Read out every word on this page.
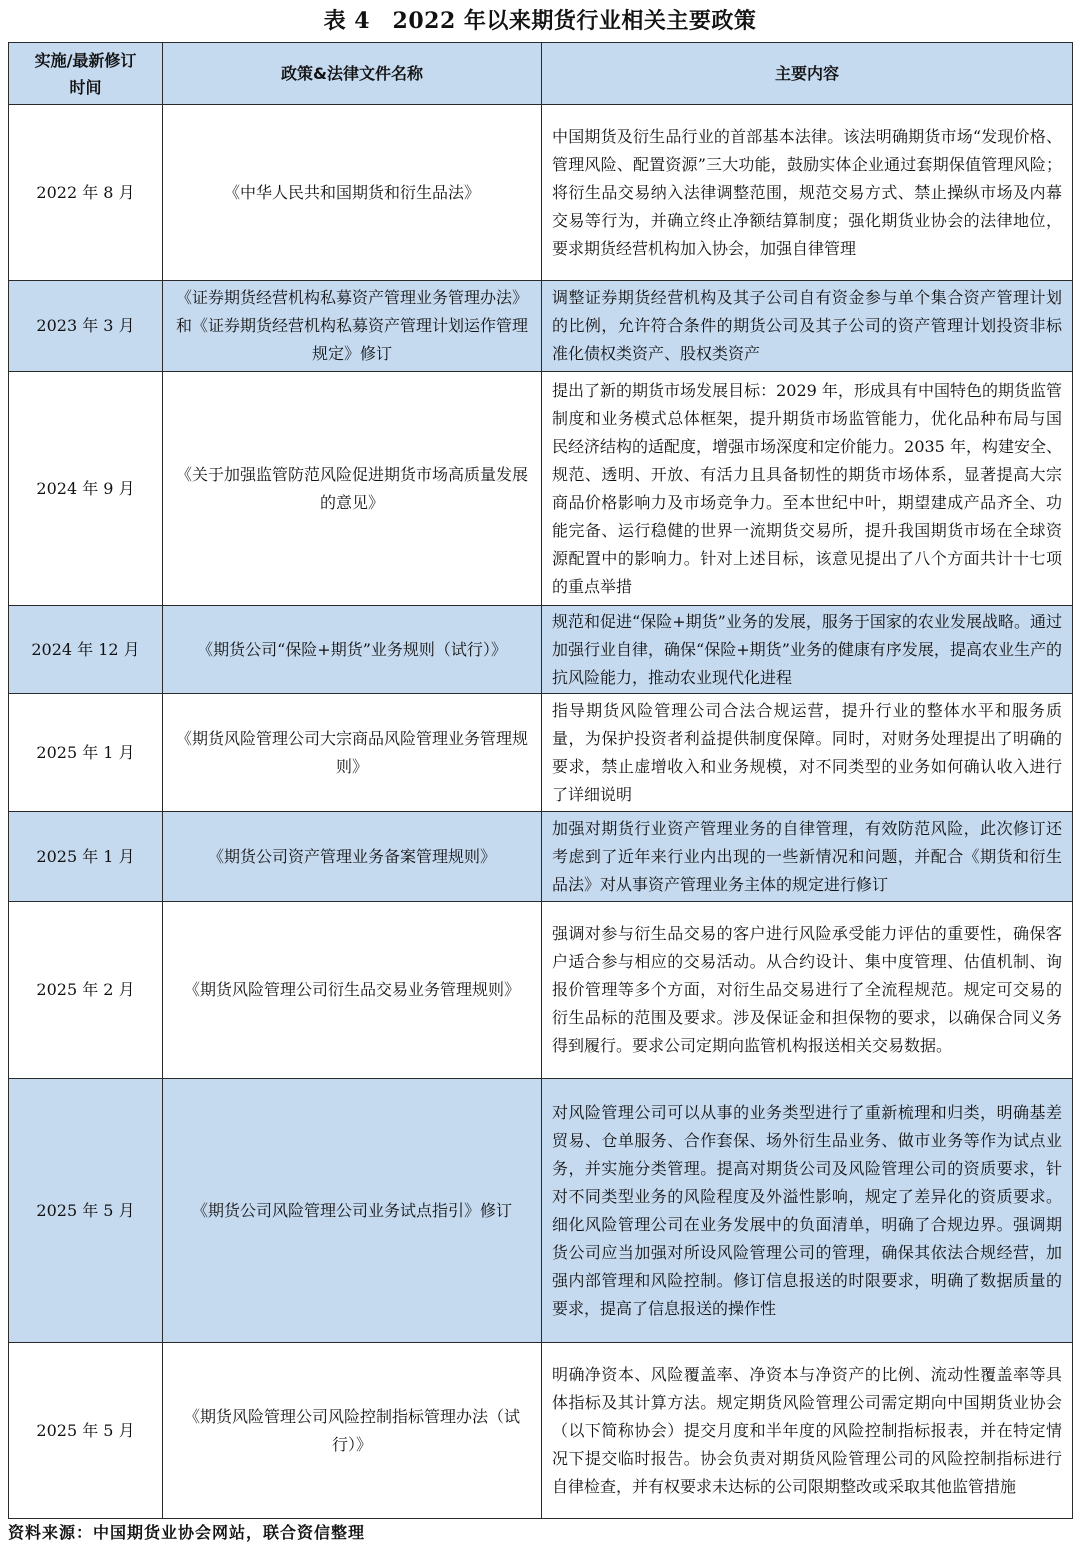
表 4　2022 年以来期货行业相关主要政策
实施/最新修订时间	政策&法律文件名称	主要内容
2022 年 8 月	《中华人民共和国期货和衍生品法》	中国期货及衍生品行业的首部基本法律。该法明确期货市场“发现价格、管理风险、配置资源”三大功能，鼓励实体企业通过套期保值管理风险；将衍生品交易纳入法律调整范围，规范交易方式、禁止操纵市场及内幕交易等行为，并确立终止净额结算制度；强化期货业协会的法律地位，要求期货经营机构加入协会，加强自律管理
2023 年 3 月	《证券期货经营机构私募资产管理业务管理办法》和《证券期货经营机构私募资产管理计划运作管理规定》修订	调整证券期货经营机构及其子公司自有资金参与单个集合资产管理计划的比例，允许符合条件的期货公司及其子公司的资产管理计划投资非标准化债权类资产、股权类资产
2024 年 9 月	《关于加强监管防范风险促进期货市场高质量发展的意见》	提出了新的期货市场发展目标：2029 年，形成具有中国特色的期货监管制度和业务模式总体框架，提升期货市场监管能力，优化品种布局与国民经济结构的适配度，增强市场深度和定价能力。2035 年，构建安全、规范、透明、开放、有活力且具备韧性的期货市场体系，显著提高大宗商品价格影响力及市场竞争力。至本世纪中叶，期望建成产品齐全、功能完备、运行稳健的世界一流期货交易所，提升我国期货市场在全球资源配置中的影响力。针对上述目标，该意见提出了八个方面共计十七项的重点举措
2024 年 12 月	《期货公司“保险+期货”业务规则（试行）》	规范和促进“保险+期货”业务的发展，服务于国家的农业发展战略。通过加强行业自律，确保“保险+期货”业务的健康有序发展，提高农业生产的抗风险能力，推动农业现代化进程
2025 年 1 月	《期货风险管理公司大宗商品风险管理业务管理规则》	指导期货风险管理公司合法合规运营，提升行业的整体水平和服务质量，为保护投资者利益提供制度保障。同时，对财务处理提出了明确的要求，禁止虚增收入和业务规模，对不同类型的业务如何确认收入进行了详细说明
2025 年 1 月	《期货公司资产管理业务备案管理规则》	加强对期货行业资产管理业务的自律管理，有效防范风险，此次修订还考虑到了近年来行业内出现的一些新情况和问题，并配合《期货和衍生品法》对从事资产管理业务主体的规定进行修订
2025 年 2 月	《期货风险管理公司衍生品交易业务管理规则》	强调对参与衍生品交易的客户进行风险承受能力评估的重要性，确保客户适合参与相应的交易活动。从合约设计、集中度管理、估值机制、询报价管理等多个方面，对衍生品交易进行了全流程规范。规定可交易的衍生品标的范围及要求。涉及保证金和担保物的要求，以确保合同义务得到履行。要求公司定期向监管机构报送相关交易数据。
2025 年 5 月	《期货公司风险管理公司业务试点指引》修订	对风险管理公司可以从事的业务类型进行了重新梳理和归类，明确基差贸易、仓单服务、合作套保、场外衍生品业务、做市业务等作为试点业务，并实施分类管理。提高对期货公司及风险管理公司的资质要求，针对不同类型业务的风险程度及外溢性影响，规定了差异化的资质要求。细化风险管理公司在业务发展中的负面清单，明确了合规边界。强调期货公司应当加强对所设风险管理公司的管理，确保其依法合规经营，加强内部管理和风险控制。修订信息报送的时限要求，明确了数据质量的要求，提高了信息报送的操作性
2025 年 5 月	《期货风险管理公司风险控制指标管理办法（试行）》	明确净资本、风险覆盖率、净资本与净资产的比例、流动性覆盖率等具体指标及其计算方法。规定期货风险管理公司需定期向中国期货业协会（以下简称协会）提交月度和半年度的风险控制指标报表，并在特定情况下提交临时报告。协会负责对期货风险管理公司的风险控制指标进行自律检查，并有权要求未达标的公司限期整改或采取其他监管措施
资料来源：中国期货业协会网站，联合资信整理
